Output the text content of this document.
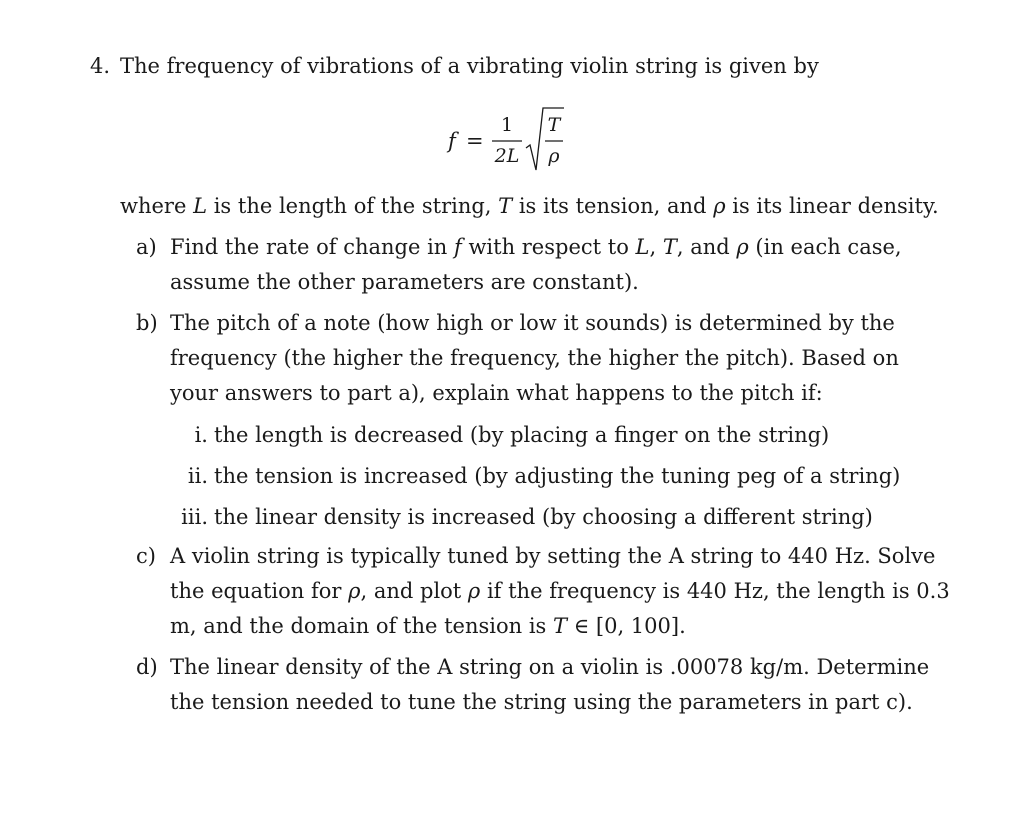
4. The frequency of vibrations of a vibrating violin string is given by
f =
1
2L
T
ρ
where L is the length of the string, T is its tension, and ρ is its linear density.
a) Find the rate of change in f with respect to L, T, and ρ (in each case,
assume the other parameters are constant).
b) The pitch of a note (how high or low it sounds) is determined by the
frequency (the higher the frequency, the higher the pitch). Based on
your answers to part a), explain what happens to the pitch if:
i. the length is decreased (by placing a finger on the string)
ii. the tension is increased (by adjusting the tuning peg of a string)
iii. the linear density is increased (by choosing a different string)
c) A violin string is typically tuned by setting the A string to 440 Hz. Solve
the equation for ρ, and plot ρ if the frequency is 440 Hz, the length is 0.3
m, and the domain of the tension is T ∈ [0, 100].
d) The linear density of the A string on a violin is .00078 kg/m. Determine
the tension needed to tune the string using the parameters in part c).
